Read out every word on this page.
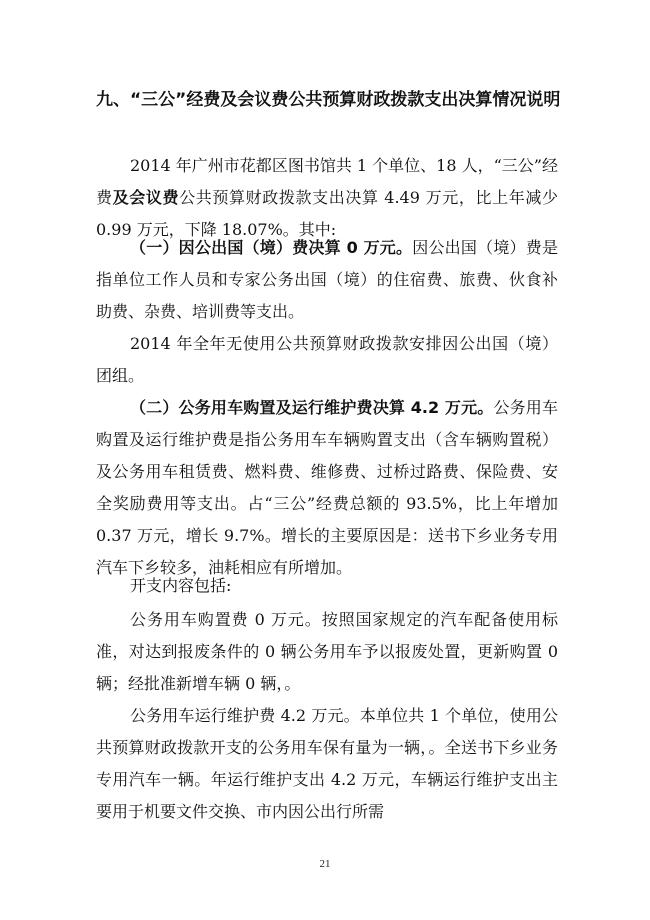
九、“三公”经费及会议费公共预算财政拨款支出决算情况说明

2014 年广州市花都区图书馆共 1 个单位、18 人，“三公”经费及会议费公共预算财政拨款支出决算 4.49 万元，比上年减少 0.99 万元，下降 18.07%。其中:

（一）因公出国（境）费决算 0 万元。因公出国（境）费是指单位工作人员和专家公务出国（境）的住宿费、旅费、伙食补助费、杂费、培训费等支出。

2014 年全年无使用公共预算财政拨款安排因公出国（境）团组。

（二）公务用车购置及运行维护费决算 4.2 万元。公务用车购置及运行维护费是指公务用车车辆购置支出（含车辆购置税）及公务用车租赁费、燃料费、维修费、过桥过路费、保险费、安全奖励费用等支出。占“三公”经费总额的 93.5%，比上年增加 0.37 万元，增长 9.7%。增长的主要原因是：送书下乡业务专用汽车下乡较多，油耗相应有所增加。

开支内容包括:

公务用车购置费 0 万元。按照国家规定的汽车配备使用标准，对达到报废条件的 0 辆公务用车予以报废处置，更新购置 0 辆；经批准新增车辆 0 辆，。

公务用车运行维护费 4.2 万元。本单位共 1 个单位，使用公共预算财政拨款开支的公务用车保有量为一辆，。全送书下乡业务专用汽车一辆。年运行维护支出 4.2 万元，车辆运行维护支出主要用于机要文件交换、市内因公出行所需

21
